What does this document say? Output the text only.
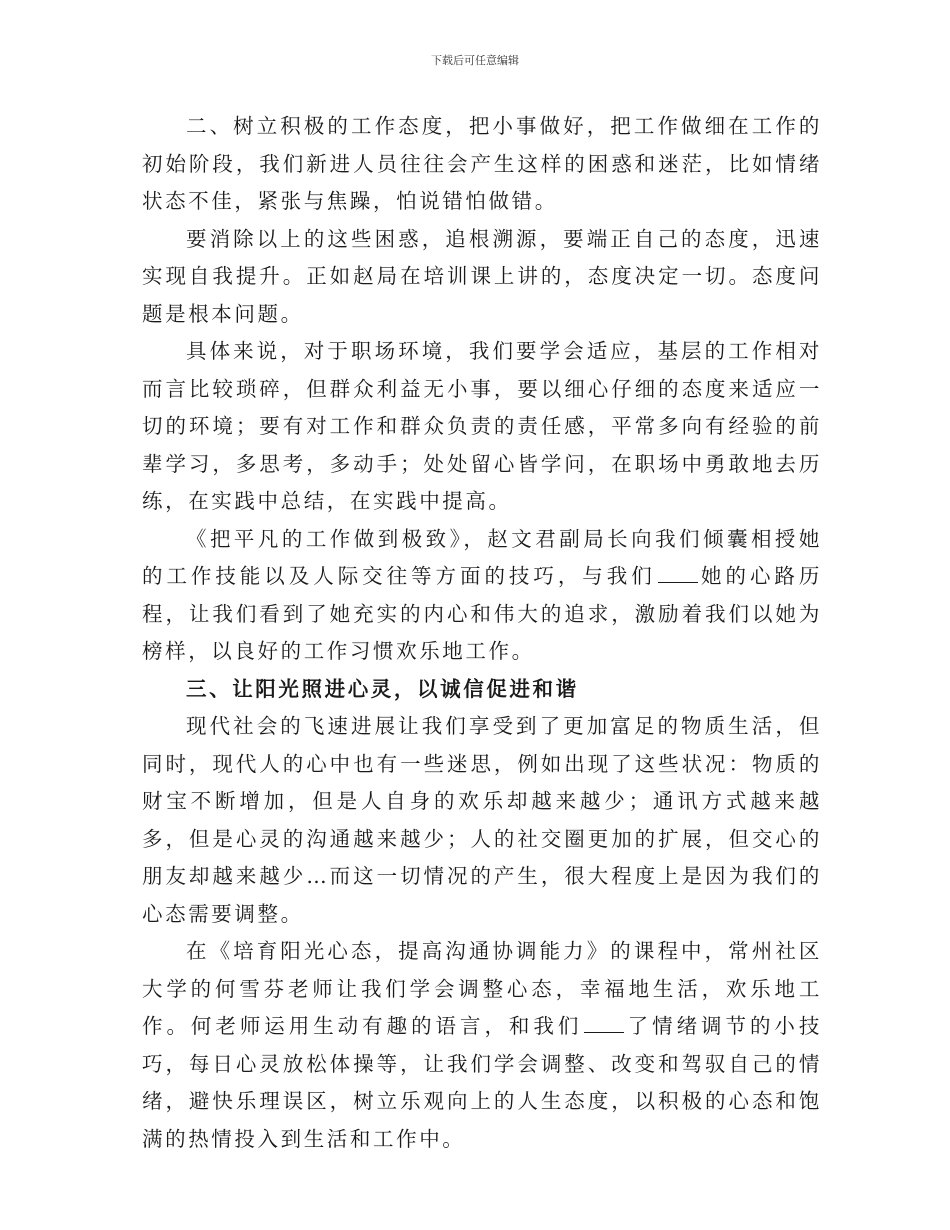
下载后可任意编辑

二、树立积极的工作态度，把小事做好，把工作做细在工作的初始阶段，我们新进人员往往会产生这样的困惑和迷茫，比如情绪状态不佳，紧张与焦躁，怕说错怕做错。

要消除以上的这些困惑，追根溯源，要端正自己的态度，迅速实现自我提升。正如赵局在培训课上讲的，态度决定一切。态度问题是根本问题。

具体来说，对于职场环境，我们要学会适应，基层的工作相对而言比较琐碎，但群众利益无小事，要以细心仔细的态度来适应一切的环境；要有对工作和群众负责的责任感，平常多向有经验的前辈学习，多思考，多动手；处处留心皆学问，在职场中勇敢地去历练，在实践中总结，在实践中提高。

《把平凡的工作做到极致》，赵文君副局长向我们倾囊相授她的工作技能以及人际交往等方面的技巧，与我们 她的心路历程，让我们看到了她充实的内心和伟大的追求，激励着我们以她为榜样，以良好的工作习惯欢乐地工作。

三、让阳光照进心灵，以诚信促进和谐

现代社会的飞速进展让我们享受到了更加富足的物质生活，但同时，现代人的心中也有一些迷思，例如出现了这些状况：物质的财宝不断增加，但是人自身的欢乐却越来越少；通讯方式越来越多，但是心灵的沟通越来越少；人的社交圈更加的扩展，但交心的朋友却越来越少…而这一切情况的产生，很大程度上是因为我们的心态需要调整。

在《培育阳光心态，提高沟通协调能力》的课程中，常州社区大学的何雪芬老师让我们学会调整心态，幸福地生活，欢乐地工作。何老师运用生动有趣的语言，和我们 了情绪调节的小技巧，每日心灵放松体操等，让我们学会调整、改变和驾驭自己的情绪，避快乐理误区，树立乐观向上的人生态度，以积极的心态和饱满的热情投入到生活和工作中。
